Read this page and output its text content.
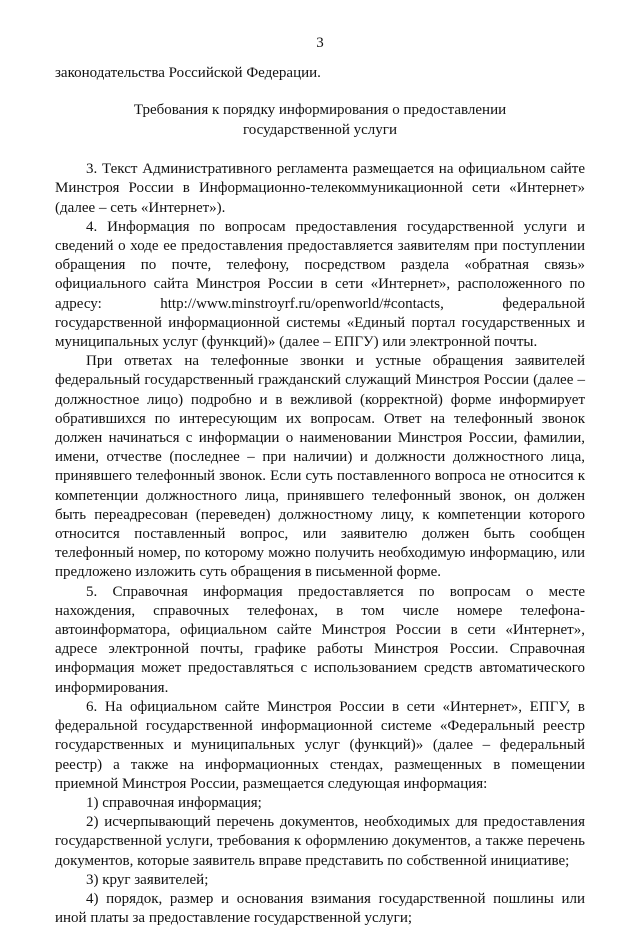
3

законодательства Российской Федерации.

Требования к порядку информирования о предоставлении государственной услуги

3. Текст Административного регламента размещается на официальном сайте Минстроя России в Информационно-телекоммуникационной сети «Интернет» (далее – сеть «Интернет»).

4. Информация по вопросам предоставления государственной услуги и сведений о ходе ее предоставления предоставляется заявителям при поступлении обращения по почте, телефону, посредством раздела «обратная связь» официального сайта Минстроя России в сети «Интернет», расположенного по адресу: http://www.minstroyrf.ru/openworld/#contacts, федеральной государственной информационной системы «Единый портал государственных и муниципальных услуг (функций)» (далее – ЕПГУ) или электронной почты.

При ответах на телефонные звонки и устные обращения заявителей федеральный государственный гражданский служащий Минстроя России (далее – должностное лицо) подробно и в вежливой (корректной) форме информирует обратившихся по интересующим их вопросам. Ответ на телефонный звонок должен начинаться с информации о наименовании Минстроя России, фамилии, имени, отчестве (последнее – при наличии) и должности должностного лица, принявшего телефонный звонок. Если суть поставленного вопроса не относится к компетенции должностного лица, принявшего телефонный звонок, он должен быть переадресован (переведен) должностному лицу, к компетенции которого относится поставленный вопрос, или заявителю должен быть сообщен телефонный номер, по которому можно получить необходимую информацию, или предложено изложить суть обращения в письменной форме.

5. Справочная информация предоставляется по вопросам о месте нахождения, справочных телефонах, в том числе номере телефона-автоинформатора, официальном сайте Минстроя России в сети «Интернет», адресе электронной почты, графике работы Минстроя России. Справочная информация может предоставляться с использованием средств автоматического информирования.

6. На официальном сайте Минстроя России в сети «Интернет», ЕПГУ, в федеральной государственной информационной системе «Федеральный реестр государственных и муниципальных услуг (функций)» (далее – федеральный реестр) а также на информационных стендах, размещенных в помещении приемной Минстроя России, размещается следующая информация:

1) справочная информация;

2) исчерпывающий перечень документов, необходимых для предоставления государственной услуги, требования к оформлению документов, а также перечень документов, которые заявитель вправе представить по собственной инициативе;

3) круг заявителей;

4) порядок, размер и основания взимания государственной пошлины или иной платы за предоставление государственной услуги;
